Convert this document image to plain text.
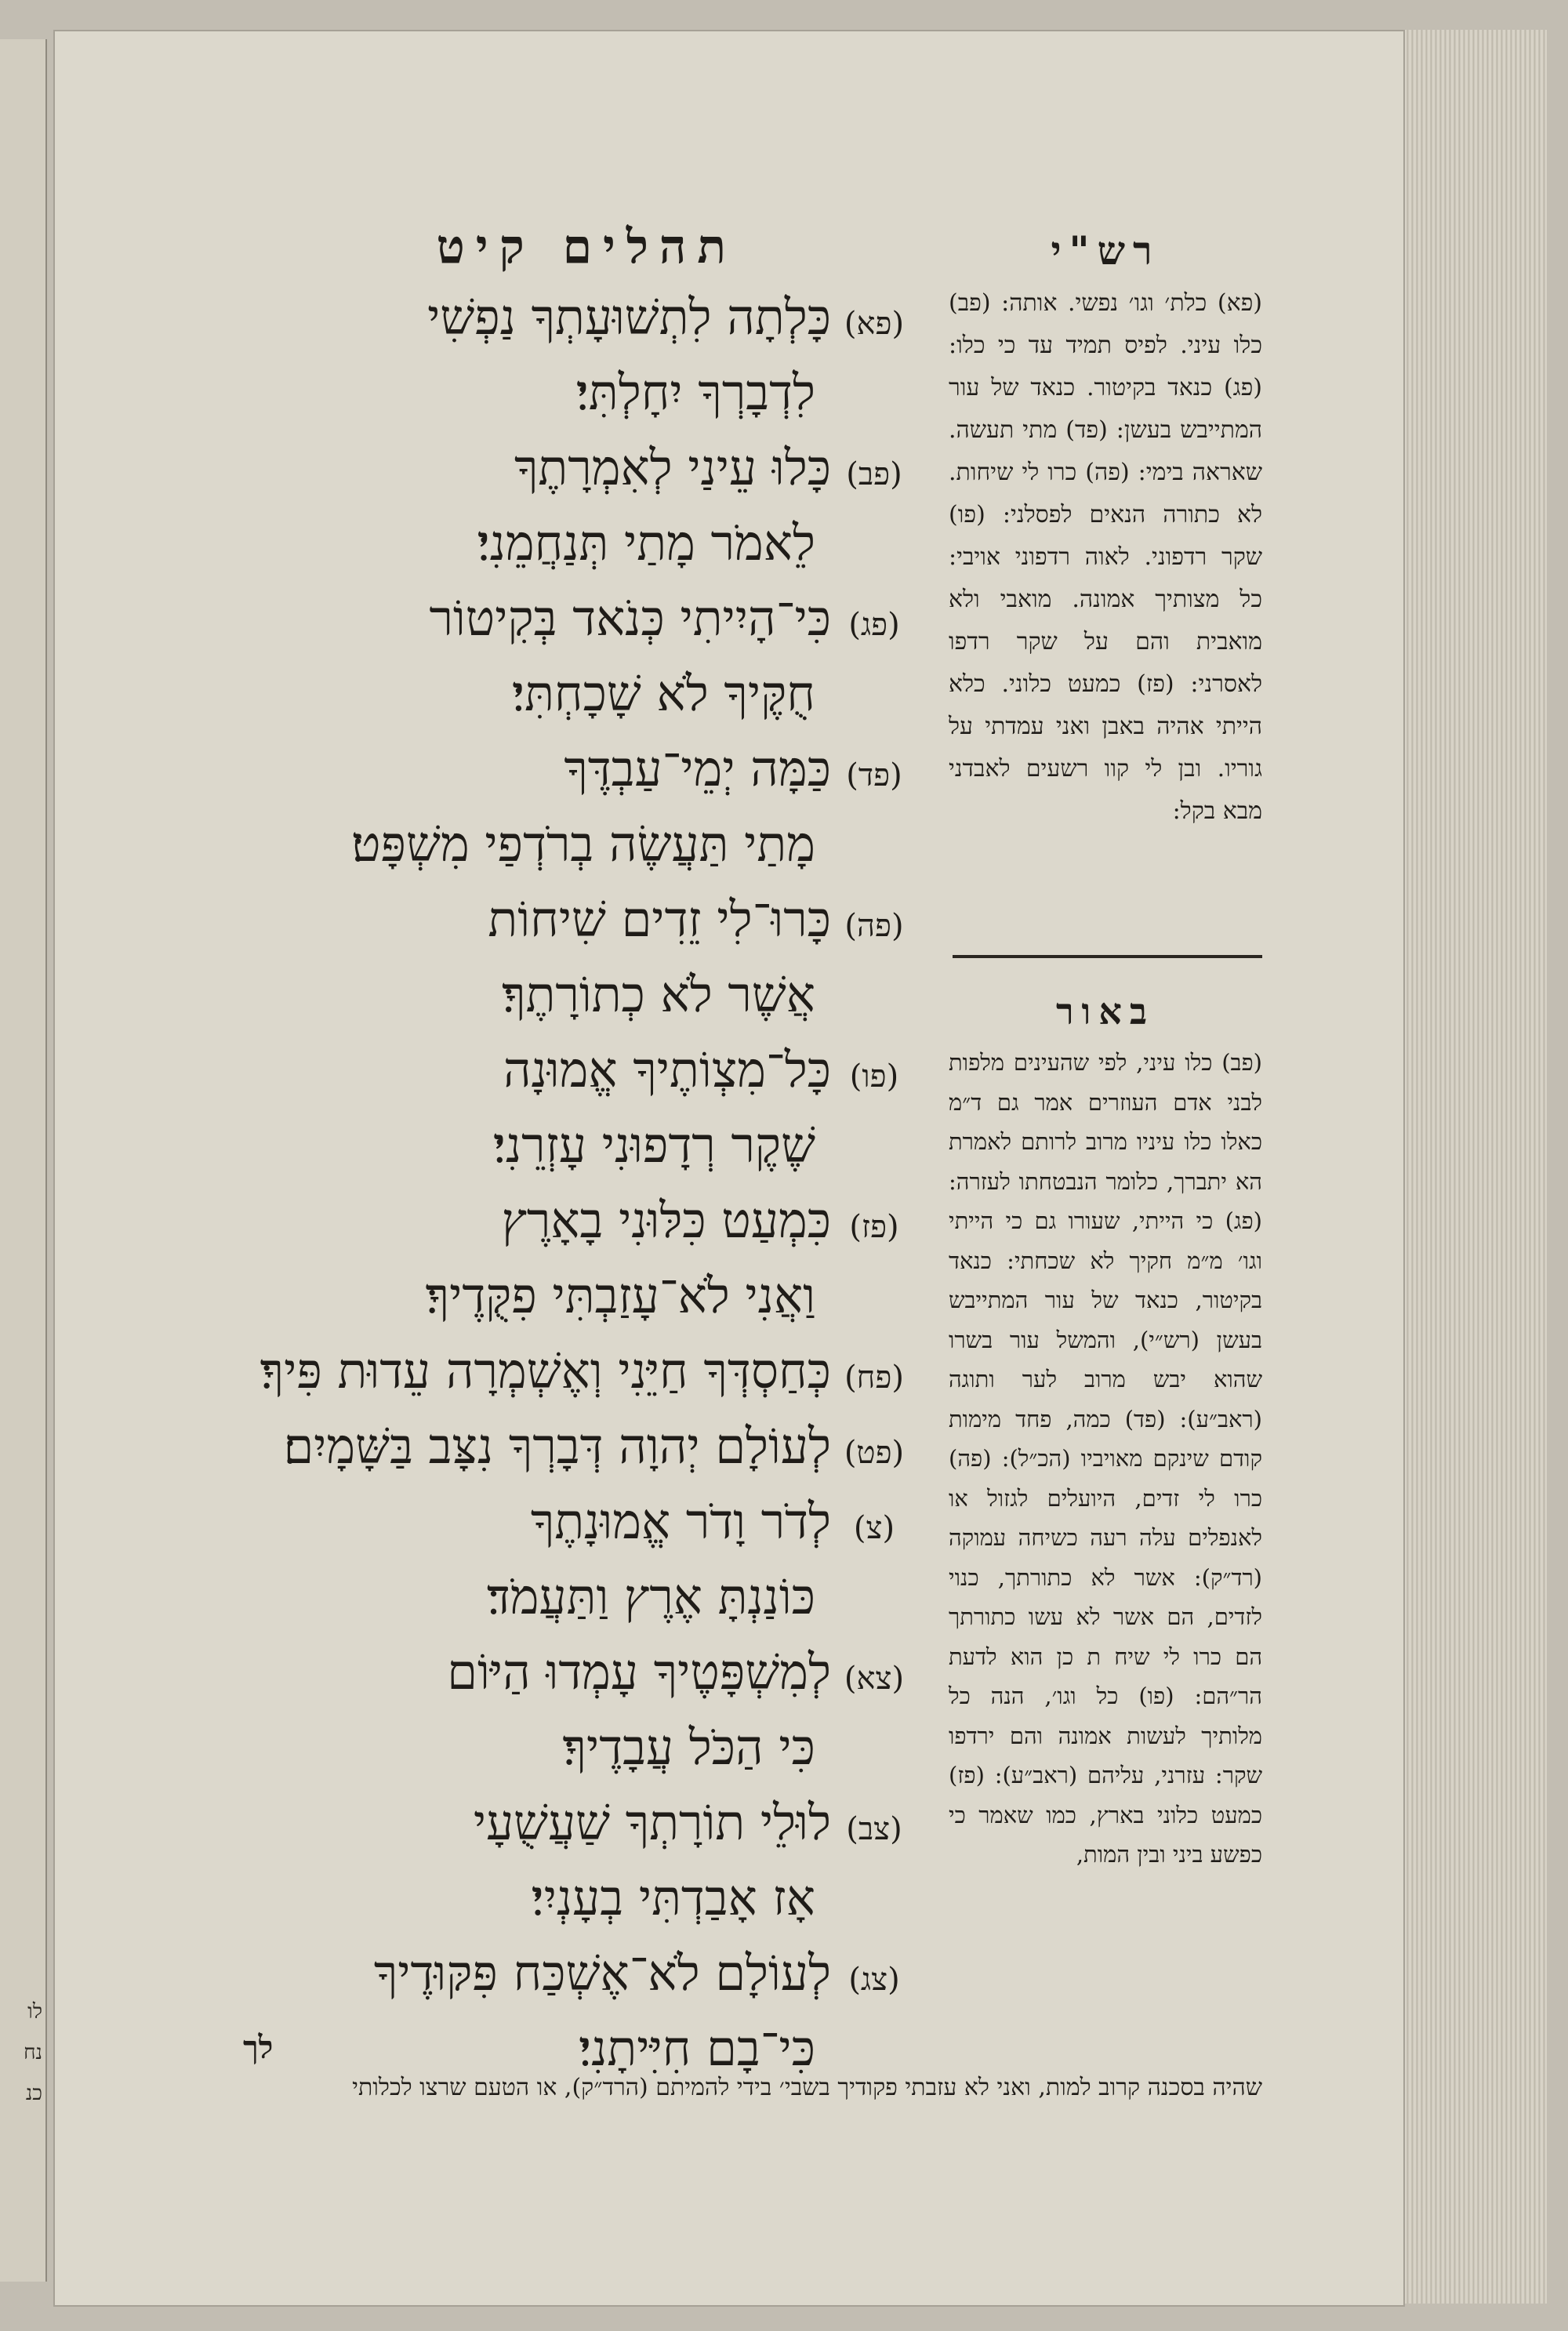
לו
נח
כנ
תהלים קיט
(פא)כָּלְתָה לִתְשׁוּעָתְךָ נַפְשִׁי
לִדְבָרְךָ יִחָלְתִּי׃
(פב)כָּלוּ עֵינַי לְאִמְרָתֶךָ
לֵאמֹר מָתַי תְּנַחֲמֵנִי׃
(פג)כִּי־הָיִיתִי כְּנֹאד בְּקִיטוֹר
חֻקֶּיךָ לֹא שָׁכָחְתִּי׃
(פד)כַּמָּה יְמֵי־עַבְדֶּךָ
מָתַי תַּעֲשֶׂה בְרֹדְפַי מִשְׁפָּט׃
(פה)כָּרוּ־לִי זֵדִים שִׁיחוֹת
אֲשֶׁר לֹא כְתוֹרָתֶךָ׃
(פו)כָּל־מִצְוֹתֶיךָ אֱמוּנָה
שֶׁקֶר רְדָפוּנִי עָזְרֵנִי׃
(פז)כִּמְעַט כִּלּוּנִי בָאָרֶץ
וַאֲנִי לֹא־עָזַבְתִּי פִקֻּדֶיךָ׃
(פח)כְּחַסְדְּךָ חַיֵּנִי וְאֶשְׁמְרָה עֵדוּת פִּיךָ׃
(פט)לְעוֹלָם יְהוָה דְּבָרְךָ נִצָּב בַּשָּׁמָיִם׃
(צ)לְדֹר וָדֹר אֱמוּנָתֶךָ
כּוֹנַנְתָּ אֶרֶץ וַתַּעֲמֹד׃
(צא)לְמִשְׁפָּטֶיךָ עָמְדוּ הַיּוֹם
כִּי הַכֹּל עֲבָדֶיךָ׃
(צב)לוּלֵי תוֹרָתְךָ שַׁעֲשֻׁעָי
אָז אָבַדְתִּי בְעָנְיִי׃
(צג)לְעוֹלָם לֹא־אֶשְׁכַּח פִּקּוּדֶיךָ
כִּי־בָם חִיִּיתָנִי׃
רש"י
(פא) כלת׳ וגו׳ נפשי. אותה: (פב) כלו עיני. לפיס תמיד עד כי כלו: (פג) כנאד בקיטור. כנאד של עור המתייבש בעשן: (פד) מתי תעשה. שאראה בימי: (פה) כרו לי שיחות. לא כתורה הנאים לפסלני: (פו) שקר רדפוני. לאוה רדפוני אויבי: כל מצותיך אמונה. מואבי ולא מואבית והם על שקר רדפו לאסרני: (פז) כמעט כלוני. כלא הייתי אהיה באבן ואני עמדתי על גוריו. ובן לי קוו רשעים לאבדני מבא בקל:
באור
(פב) כלו עיני, לפי שהעינים מלפות לבני אדם העוזרים אמר גם ד״מ כאלו כלו עיניו מרוב לרותם לאמרת הא יתברך, כלומר הנבטחתו לעזרה: (פג) כי הייתי, שעורו גם כי הייתי וגו׳ מ״מ חקיך לא שכחתי: כנאד בקיטור, כנאד של עור המתייבש בעשן (רש״י), והמשל עור בשרו שהוא יבש מרוב לער ותוגה (ראב״ע): (פד) כמה, פחד מימות קודם שינקם מאויביו (הכ״ל): (פה) כרו לי זדים, היועלים לגזול או לאנפלים עלה רעה כשיחה עמוקה (רד״ק): אשר לא כתורתך, כנוי לזדים, הם אשר לא עשו כתורתך הם כרו לי שיח ת כן הוא לדעת הר״הם: (פו) כל וגו׳, הנה כל מלותיך לעשות אמונה והם ירדפו שקר: עזרני, עליהם (ראב״ע): (פז) כמעט כלוני בארץ, כמו שאמר כי כפשע ביני ובין המות,
לך
שהיה בסכנה קרוב למות, ואני לא עזבתי פקודיך בשבי׳ בידי להמיתם (הרד״ק), או הטעם שרצו לכלותי
